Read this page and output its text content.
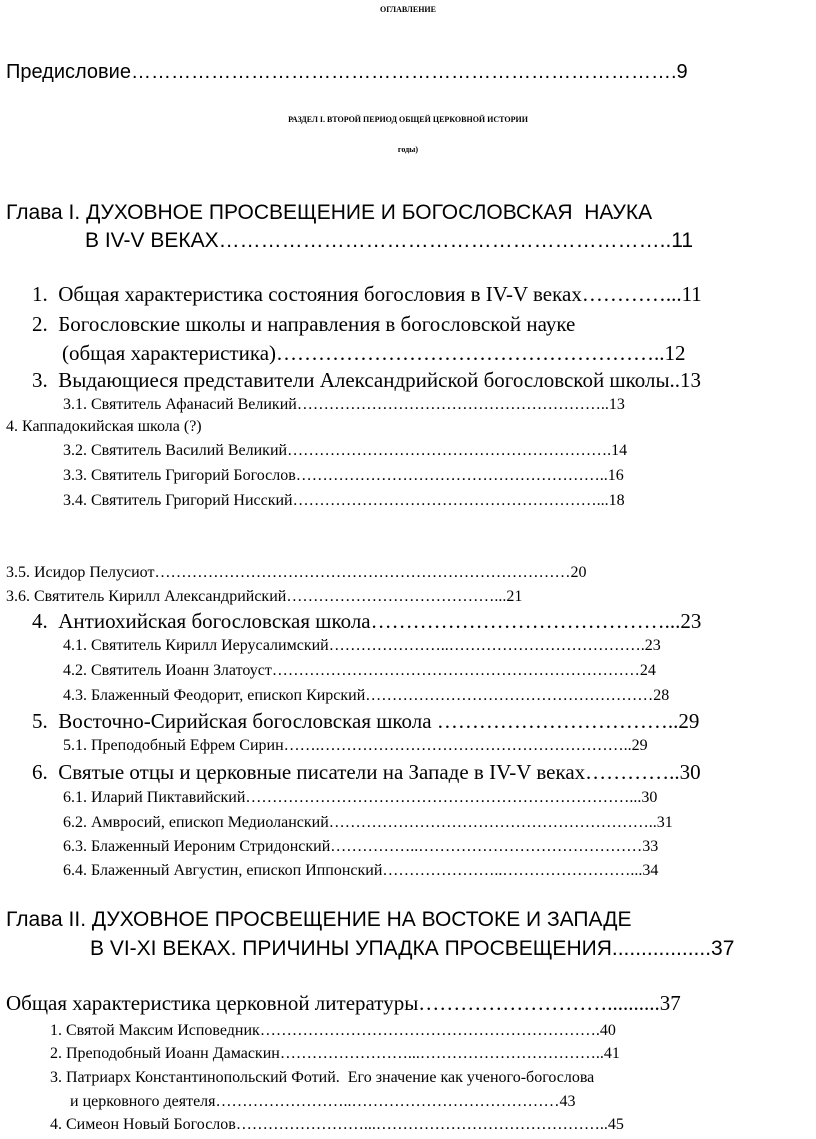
ОГЛАВЛЕНИЕ
Предисловие……………………………………………………………………….9
РАЗДЕЛ I. ВТОРОЙ ПЕРИОД ОБЩЕЙ ЦЕРКОВНОЙ ИСТОРИИ
годы)
Глава I. ДУХОВНОЕ ПРОСВЕЩЕНИЕ И БОГОСЛОВСКАЯ  НАУКА
В IV-V ВЕКАХ………………………………………………………..11
1.  Общая характеристика состояния богословия в IV-V веках…………...11
2.  Богословские школы и направления в богословской науке
(общая характеристика)………………………………………………..12
3.  Выдающиеся представители Александрийской богословской школы..13
3.1. Святитель Афанасий Великий…………………………………………………..13
4. Каппадокийская школа (?)
3.2. Святитель Василий Великий…………………………………………………….14
3.3. Святитель Григорий Богослов…………………………………………………..16
3.4. Святитель Григорий Нисский…………………………………………………...18
3.5. Исидор Пелусиот……………………………………………………………………20
3.6. Святитель Кирилл Александрийский…………………………………...21
4.  Антиохийская богословская школа……………………………………...23
4.1. Святитель Кирилл Иерусалимский…………………..……………………………….23
4.2. Святитель Иоанн Златоуст……………………………………………………………24
4.3. Блаженный Феодорит, епископ Кирский………………………………………………28
5.  Восточно-Сирийская богословская школа ……………………………..29
5.1. Преподобный Ефрем Сирин…….…………………………………………………..29
6.  Святые отцы и церковные писатели на Западе в IV-V веках…………..30
6.1. Иларий Пиктавийский………………………………………………………………...30
6.2. Амвросий, епископ Медиоланский……………………………………………………..31
6.3. Блаженный Иероним Стридонский……………..……………………………………33
6.4. Блаженный Августин, епископ Иппонский…………………..……………………...34
Глава II. ДУХОВНОЕ ПРОСВЕЩЕНИЕ НА ВОСТОКЕ И ЗАПАДЕ
В VI-XI ВЕКАХ. ПРИЧИНЫ УПАДКА ПРОСВЕЩЕНИЯ.................37
Общая характеристика церковной литературы………………………..........37
1. Святой Максим Исповедник……………………………………………………….40
2. Преподобный Иоанн Дамаскин……………………...……………………………..41
3. Патриарх Константинопольский Фотий.  Его значение как ученого-богослова
и церковного деятеля……………………..…………………………………43
4. Симеон Новый Богослов……………………...……………………………………..45
